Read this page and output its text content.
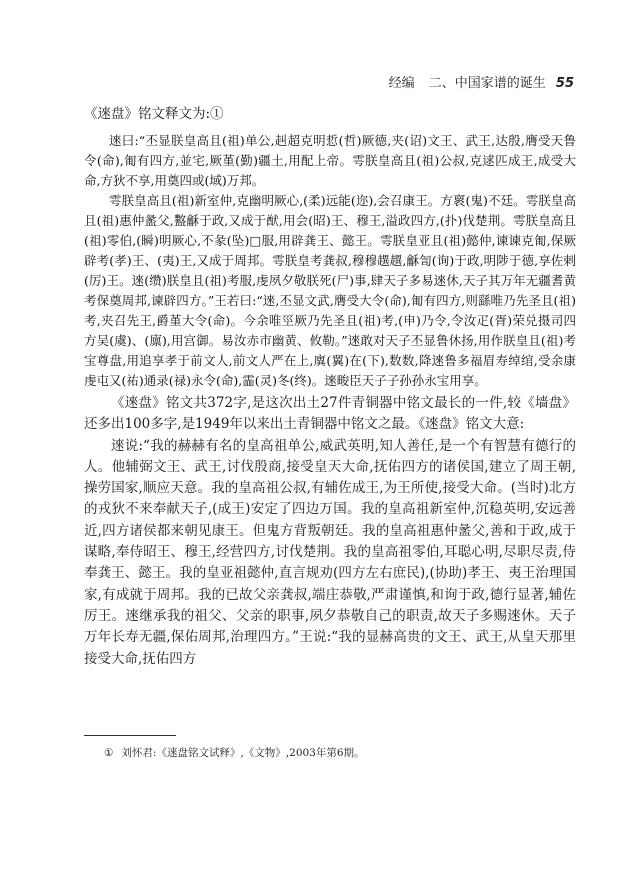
经编 二、中国家谱的诞生 55

《逨盘》铭文释文为:①

逨曰:“丕显朕皇高且(祖)单公,赳超克明悊(哲)厥德,夹(诏)文王、武王,达殷,膺受天鲁令(命),匍有四方,並宅,厥堇(勤)疆土,用配上帝。雩朕皇高且(祖)公叔,克逑匹成王,成受大命,方狄不享,用奠四或(域)万邦。

雩朕皇高且(祖)新室仲,克幽明厥心,(柔)远能(迩),会召康王。方褱(鬼)不廷。雩朕皇高且(祖)惠仲盠父,盭龢于政,又成于猷,用会(昭)王、穆王,溢政四方,(扑)伐楚荆。雩朕皇高且(祖)零伯,(瞬)明厥心,不彖(坠)□服,用辟龚王、懿王。雩朕皇亚且(祖)懿仲,谏谏克匍,保厥辟考(孝)王、(夷)王,又成于周邦。雩朕皇考龚叔,穆穆趩趩,龢訇(询)于政,明陟于德,享佐剌(厉)王。逨(缵)朕皇且(祖)考服,虔夙夕敬朕死(尸)事,肆天子多易逨休,天子其万年无疆耆黄考保奠周邦,谏辟四方。”王若曰:“逨,丕显文武,膺受大令(命),匍有四方,则繇唯乃先圣且(祖)考,夹召先王,爵堇大令(命)。今余唯巠厥乃先圣且(祖)考,(申)乃令,令汝疋(胥)荣兑摄司四方吴(虞)、(廪),用宫御。易汝赤市幽黄、攸勒。”逨敢对天子丕显鲁休扬,用作朕皇且(祖)考宝尊盘,用追享孝于前文人,前文人严在上,廙(翼)在(下),数数,降逨鲁多福眉寿绰绾,受余康虔屯又(祐)通录(禄)永令(命),霝(灵)冬(终)。逨畯臣天子子孙孙永宝用享。

《逨盘》铭文共372字,是这次出土27件青铜器中铭文最长的一件,较《墙盘》还多出100多字,是1949年以来出土青铜器中铭文之最。《逨盘》铭文大意:

逨说:“我的赫赫有名的皇高祖单公,威武英明,知人善任,是一个有智慧有德行的人。他辅弼文王、武王,讨伐殷商,接受皇天大命,抚佑四方的诸侯国,建立了周王朝,操劳国家,顺应天意。我的皇高祖公叔,有辅佐成王,为王所使,接受大命。(当时)北方的戎狄不来奉献天子,(成王)安定了四边万国。我的皇高祖新室仲,沉稳英明,安远善近,四方诸侯都来朝见康王。但鬼方背叛朝廷。我的皇高祖惠仲盠父,善和于政,成于谋略,奉侍昭王、穆王,经营四方,讨伐楚荆。我的皇高祖零伯,耳聪心明,尽职尽责,侍奉龚王、懿王。我的皇亚祖懿仲,直言规劝(四方左右庶民),(协助)孝王、夷王治理国家,有成就于周邦。我的已故父亲龚叔,端庄恭敬,严肃谨慎,和询于政,德行显著,辅佐厉王。逨继承我的祖父、父亲的职事,夙夕恭敬自己的职责,故天子多赐逨休。天子万年长寿无疆,保佑周邦,治理四方。”王说:“我的显赫高贵的文王、武王,从皇天那里接受大命,抚佑四方

① 刘怀君:《逨盘铭文试释》,《文物》,2003年第6期。
